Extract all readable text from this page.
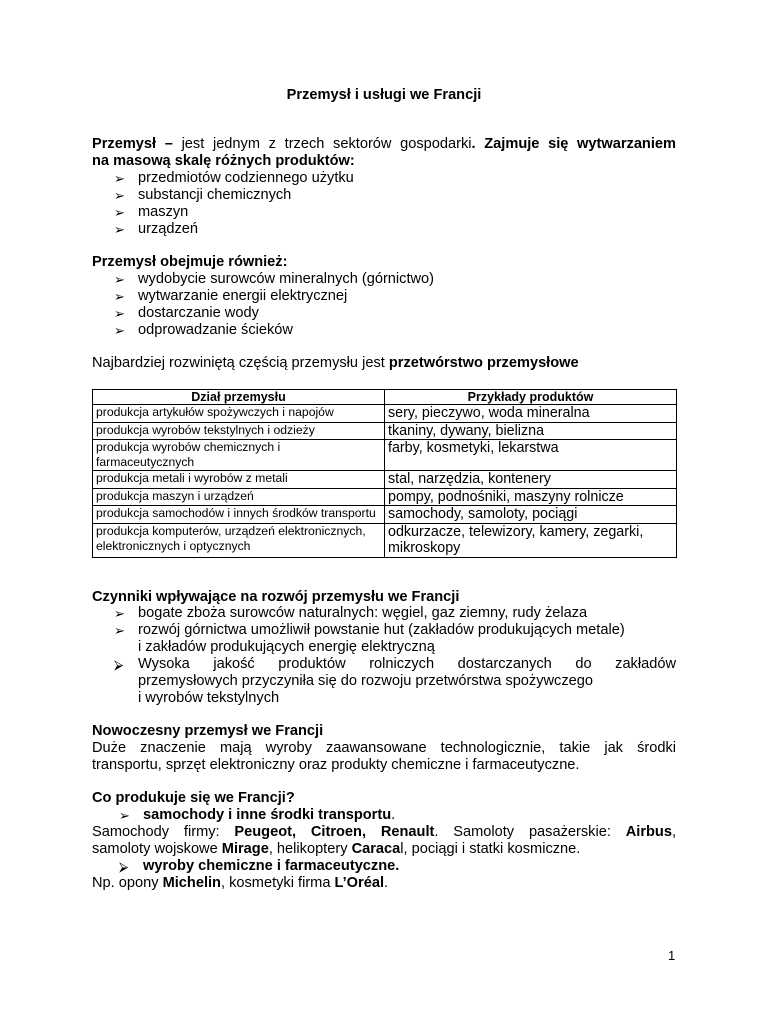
Przemysł i usługi we Francji
Przemysł – jest jednym z trzech sektorów gospodarki. Zajmuje się wytwarzaniem
na masową skalę różnych produktów:
➢ przedmiotów codziennego użytku
➢ substancji chemicznych
➢ maszyn
➢ urządzeń
Przemysł obejmuje również:
➢ wydobycie surowców mineralnych (górnictwo)
➢ wytwarzanie energii elektrycznej
➢ dostarczanie wody
➢ odprowadzanie ścieków
Najbardziej rozwiniętą częścią przemysłu jest przetwórstwo przemysłowe
Dział przemysłu	Przykłady produktów
produkcja artykułów spożywczych i napojów	sery, pieczywo, woda mineralna
produkcja wyrobów tekstylnych i odzieży	tkaniny, dywany, bielizna
produkcja wyrobów chemicznych i farmaceutycznych	farby, kosmetyki, lekarstwa
produkcja metali i wyrobów z metali	stal, narzędzia, kontenery
produkcja maszyn i urządzeń	pompy, podnośniki, maszyny rolnicze
produkcja samochodów i innych środków transportu	samochody, samoloty, pociągi
produkcja komputerów, urządzeń elektronicznych, elektronicznych i optycznych	odkurzacze, telewizory, kamery, zegarki, mikroskopy
Czynniki wpływające na rozwój przemysłu we Francji
➢ bogate zboża surowców naturalnych: węgiel, gaz ziemny, rudy żelaza
➢ rozwój górnictwa umożliwił powstanie hut (zakładów produkujących metale)
i zakładów produkujących energię elektryczną
⮚ Wysoka jakość produktów rolniczych dostarczanych do zakładów
przemysłowych przyczyniła się do rozwoju przetwórstwa spożywczego
i wyrobów tekstylnych
Nowoczesny przemysł we Francji
Duże znaczenie mają wyroby zaawansowane technologicznie, takie jak środki
transportu, sprzęt elektroniczny oraz produkty chemiczne i farmaceutyczne.
Co produkuje się we Francji?
➢ samochody i inne środki transportu.
Samochody firmy: Peugeot, Citroen, Renault. Samoloty pasażerskie: Airbus,
samoloty wojskowe Mirage, helikoptery Caracal, pociągi i statki kosmiczne.
⮚ wyroby chemiczne i farmaceutyczne.
Np. opony Michelin, kosmetyki firma L’Oréal.
1
